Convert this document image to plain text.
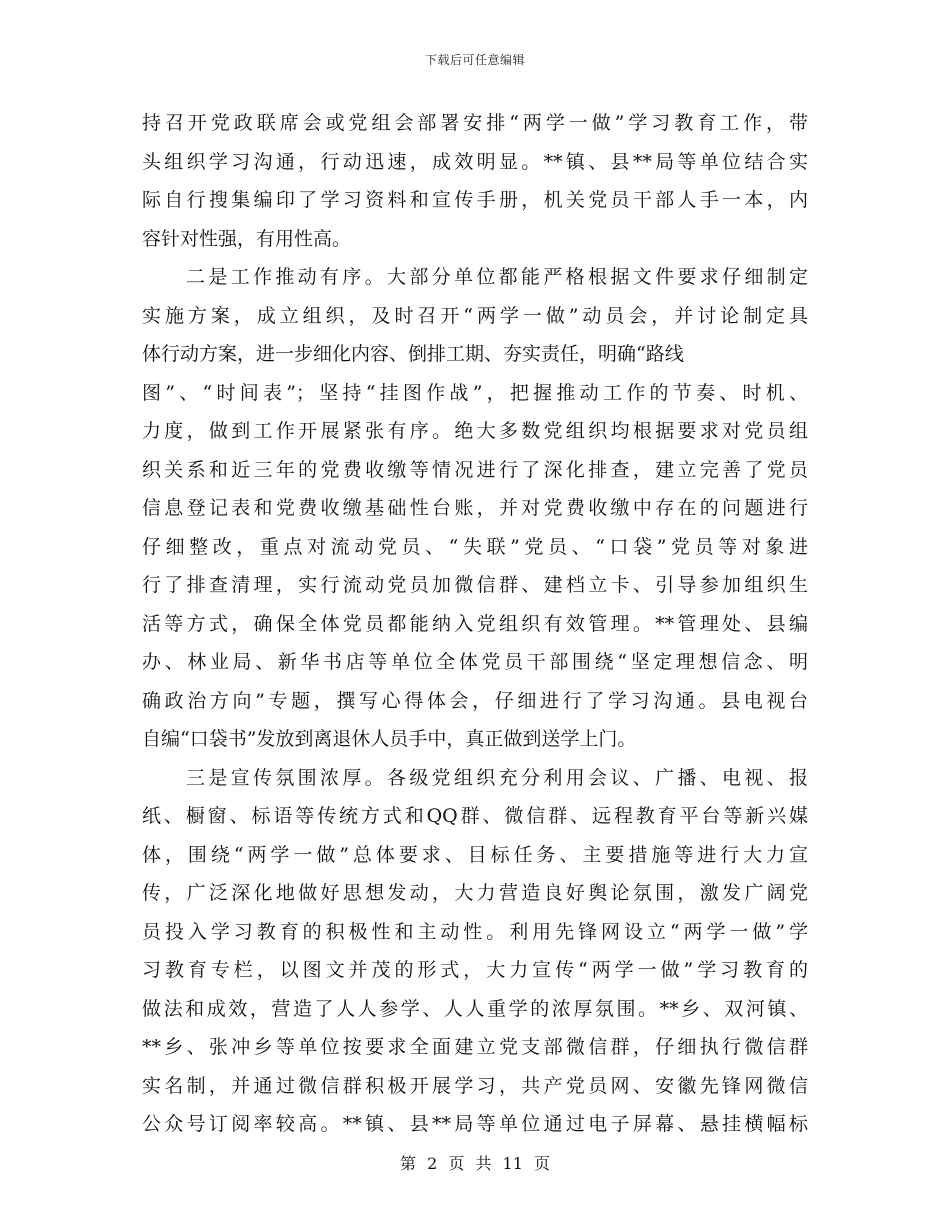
下载后可任意编辑
持召开党政联席会或党组会部署安排“两学一做”学习教育工作，带
头组织学习沟通，行动迅速，成效明显。**镇、县**局等单位结合实
际自行搜集编印了学习资料和宣传手册，机关党员干部人手一本，内
容针对性强，有用性高。
二是工作推动有序。大部分单位都能严格根据文件要求仔细制定
实施方案，成立组织，及时召开“两学一做”动员会，并讨论制定具
体行动方案，进一步细化内容、倒排工期、夯实责任，明确“路线
图”、“时间表”；坚持“挂图作战”，把握推动工作的节奏、时机、
力度，做到工作开展紧张有序。绝大多数党组织均根据要求对党员组
织关系和近三年的党费收缴等情况进行了深化排查，建立完善了党员
信息登记表和党费收缴基础性台账，并对党费收缴中存在的问题进行
仔细整改，重点对流动党员、“失联”党员、“口袋”党员等对象进
行了排查清理，实行流动党员加微信群、建档立卡、引导参加组织生
活等方式，确保全体党员都能纳入党组织有效管理。**管理处、县编
办、林业局、新华书店等单位全体党员干部围绕“坚定理想信念、明
确政治方向”专题，撰写心得体会，仔细进行了学习沟通。县电视台
自编“口袋书”发放到离退休人员手中，真正做到送学上门。
三是宣传氛围浓厚。各级党组织充分利用会议、广播、电视、报
纸、橱窗、标语等传统方式和QQ群、微信群、远程教育平台等新兴媒
体，围绕“两学一做”总体要求、目标任务、主要措施等进行大力宣
传，广泛深化地做好思想发动，大力营造良好舆论氛围，激发广阔党
员投入学习教育的积极性和主动性。利用先锋网设立“两学一做”学
习教育专栏，以图文并茂的形式，大力宣传“两学一做”学习教育的
做法和成效，营造了人人参学、人人重学的浓厚氛围。**乡、双河镇、
**乡、张冲乡等单位按要求全面建立党支部微信群，仔细执行微信群
实名制，并通过微信群积极开展学习，共产党员网、安徽先锋网微信
公众号订阅率较高。**镇、县**局等单位通过电子屏幕、悬挂横幅标
第 2 页 共 11 页
